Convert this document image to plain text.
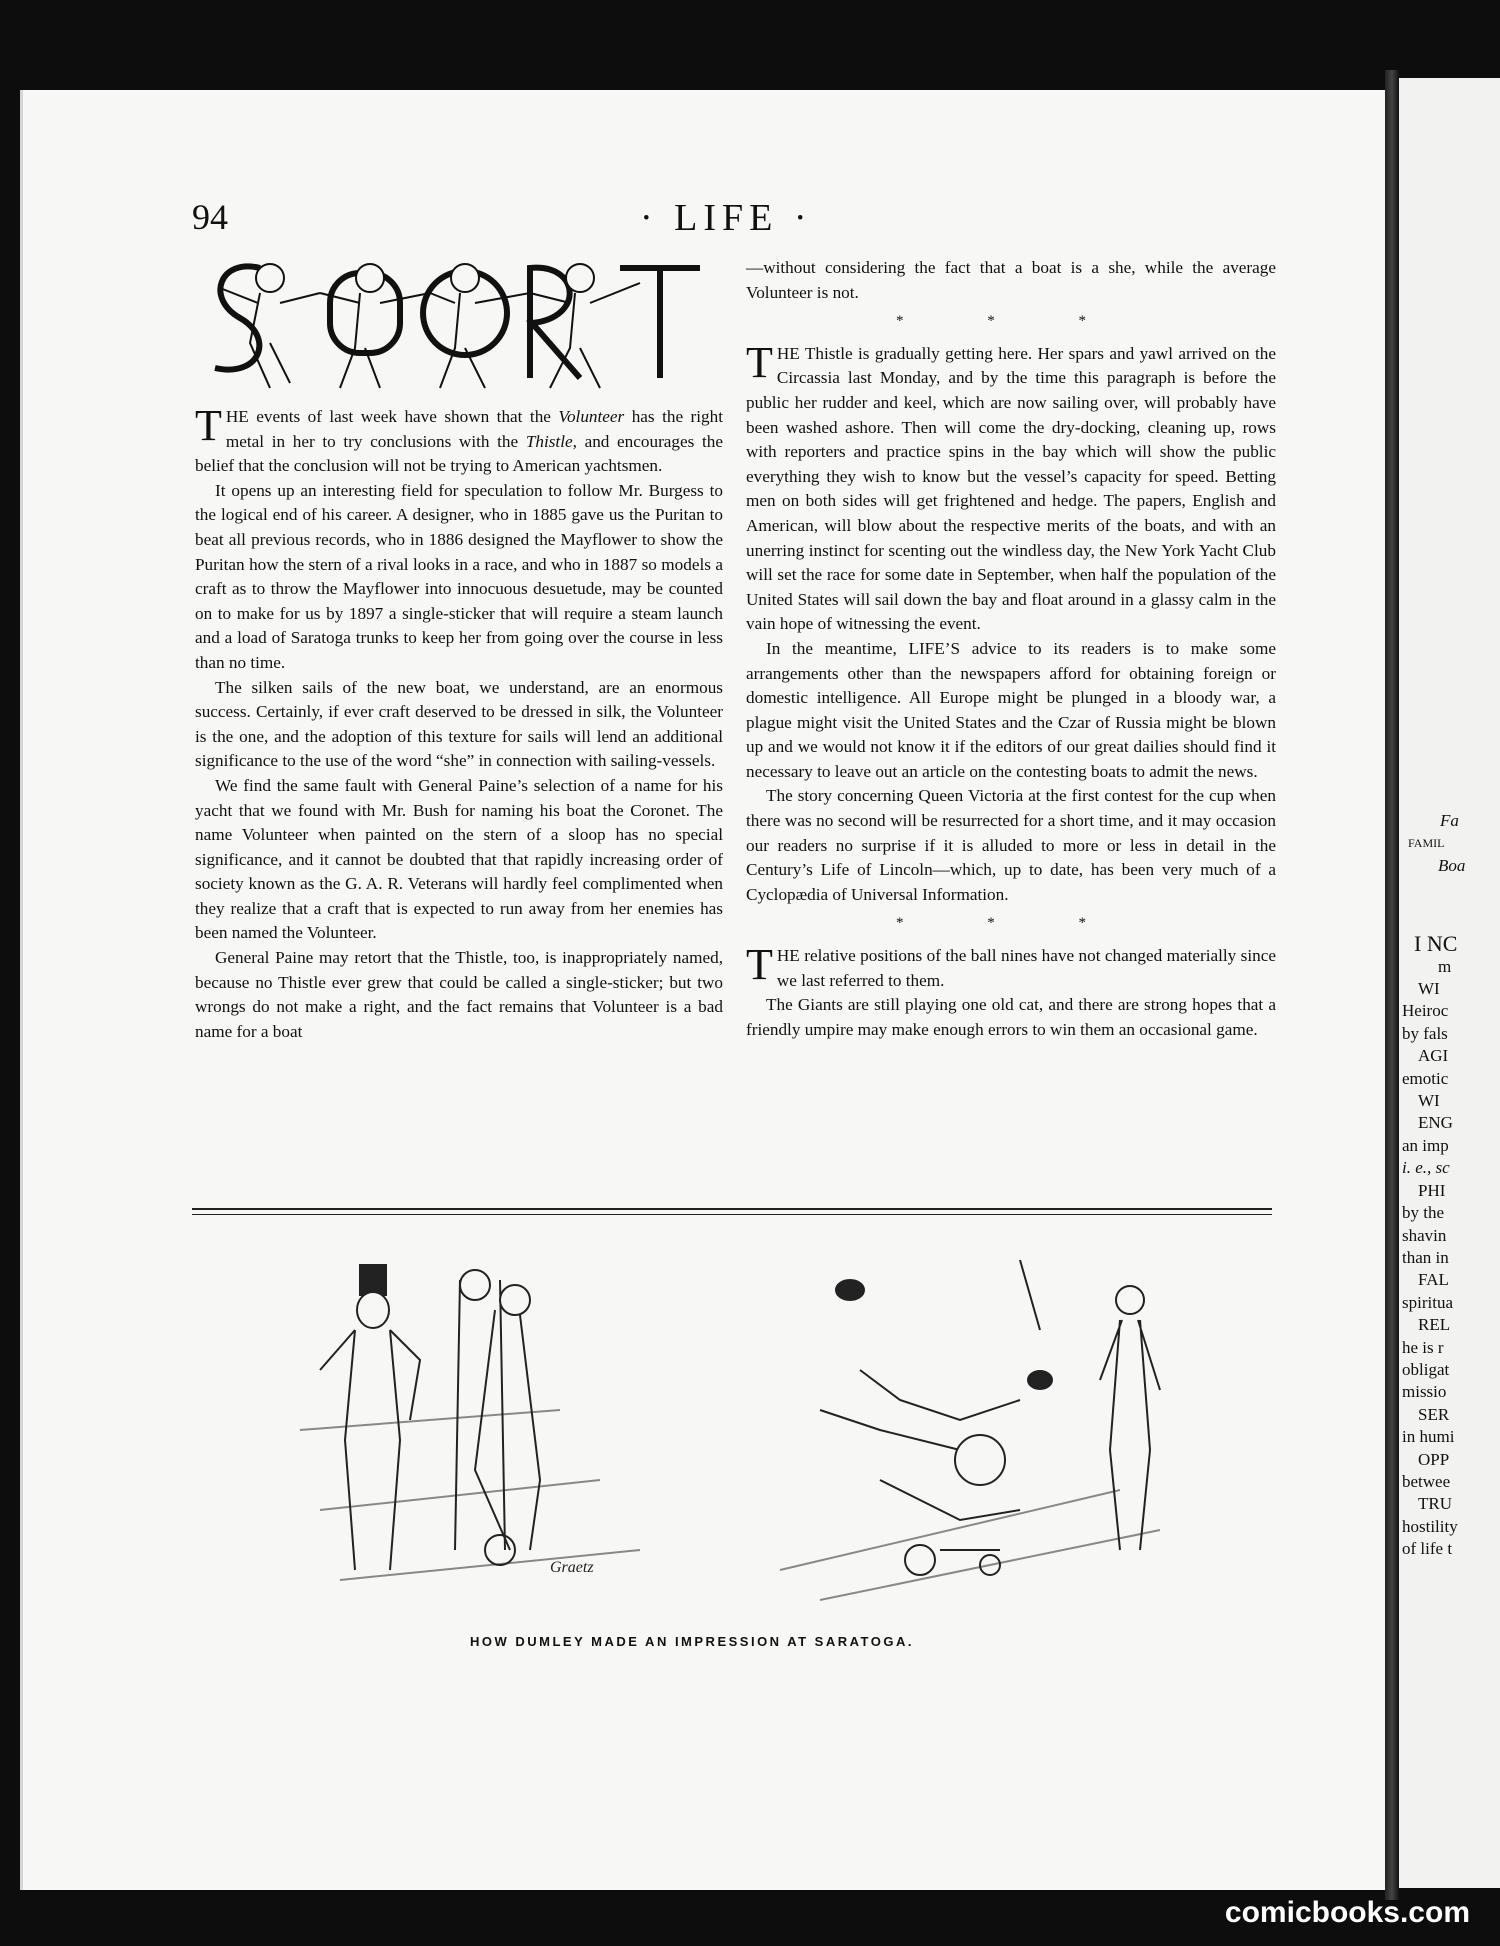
94	· LIFE ·
SPORT

THE events of last week have shown that the Volunteer has the right metal in her to try conclusions with the Thistle, and encourages the belief that the conclusion will not be trying to American yachtsmen.

It opens up an interesting field for speculation to follow Mr. Burgess to the logical end of his career. A designer, who in 1885 gave us the Puritan to beat all previous records, who in 1886 designed the Mayflower to show the Puritan how the stern of a rival looks in a race, and who in 1887 so models a craft as to throw the Mayflower into innocuous desuetude, may be counted on to make for us by 1897 a single-sticker that will require a steam launch and a load of Saratoga trunks to keep her from going over the course in less than no time.

The silken sails of the new boat, we understand, are an enormous success. Certainly, if ever craft deserved to be dressed in silk, the Volunteer is the one, and the adoption of this texture for sails will lend an additional significance to the use of the word “she” in connection with sailing-vessels.

We find the same fault with General Paine’s selection of a name for his yacht that we found with Mr. Bush for naming his boat the Coronet. The name Volunteer when painted on the stern of a sloop has no special significance, and it cannot be doubted that that rapidly increasing order of society known as the G. A. R. Veterans will hardly feel complimented when they realize that a craft that is expected to run away from her enemies has been named the Volunteer.

General Paine may retort that the Thistle, too, is inappropriately named, because no Thistle ever grew that could be called a single-sticker; but two wrongs do not make a right, and the fact remains that Volunteer is a bad name for a boat

—without considering the fact that a boat is a she, while the average Volunteer is not.

* * *

THE Thistle is gradually getting here. Her spars and yawl arrived on the Circassia last Monday, and by the time this paragraph is before the public her rudder and keel, which are now sailing over, will probably have been washed ashore. Then will come the dry-docking, cleaning up, rows with reporters and practice spins in the bay which will show the public everything they wish to know but the vessel’s capacity for speed. Betting men on both sides will get frightened and hedge. The papers, English and American, will blow about the respective merits of the boats, and with an unerring instinct for scenting out the windless day, the New York Yacht Club will set the race for some date in September, when half the population of the United States will sail down the bay and float around in a glassy calm in the vain hope of witnessing the event.

In the meantime, LIFE’S advice to its readers is to make some arrangements other than the newspapers afford for obtaining foreign or domestic intelligence. All Europe might be plunged in a bloody war, a plague might visit the United States and the Czar of Russia might be blown up and we would not know it if the editors of our great dailies should find it necessary to leave out an article on the contesting boats to admit the news.

The story concerning Queen Victoria at the first contest for the cup when there was no second will be resurrected for a short time, and it may occasion our readers no surprise if it is alluded to more or less in detail in the Century’s Life of Lincoln—which, up to date, has been very much of a Cyclopædia of Universal Information.

* * *

THE relative positions of the ball nines have not changed materially since we last referred to them.

The Giants are still playing one old cat, and there are strong hopes that a friendly umpire may make enough errors to win them an occasional game.

Graetz
HOW DUMLEY MADE AN IMPRESSION AT SARATOGA.
Fa
FAMIL
Boa
I NC
m
WI
Heiroc
by fals
AGI
emotic
WI
ENG
an imp
i. e., sc
PHI
by the
shavin
than in
FAL
spiritua
REL
he is r
obligat
missio
SER
in humi
OPP
betwee
TRU
hostility
of life t
comicbooks.com
